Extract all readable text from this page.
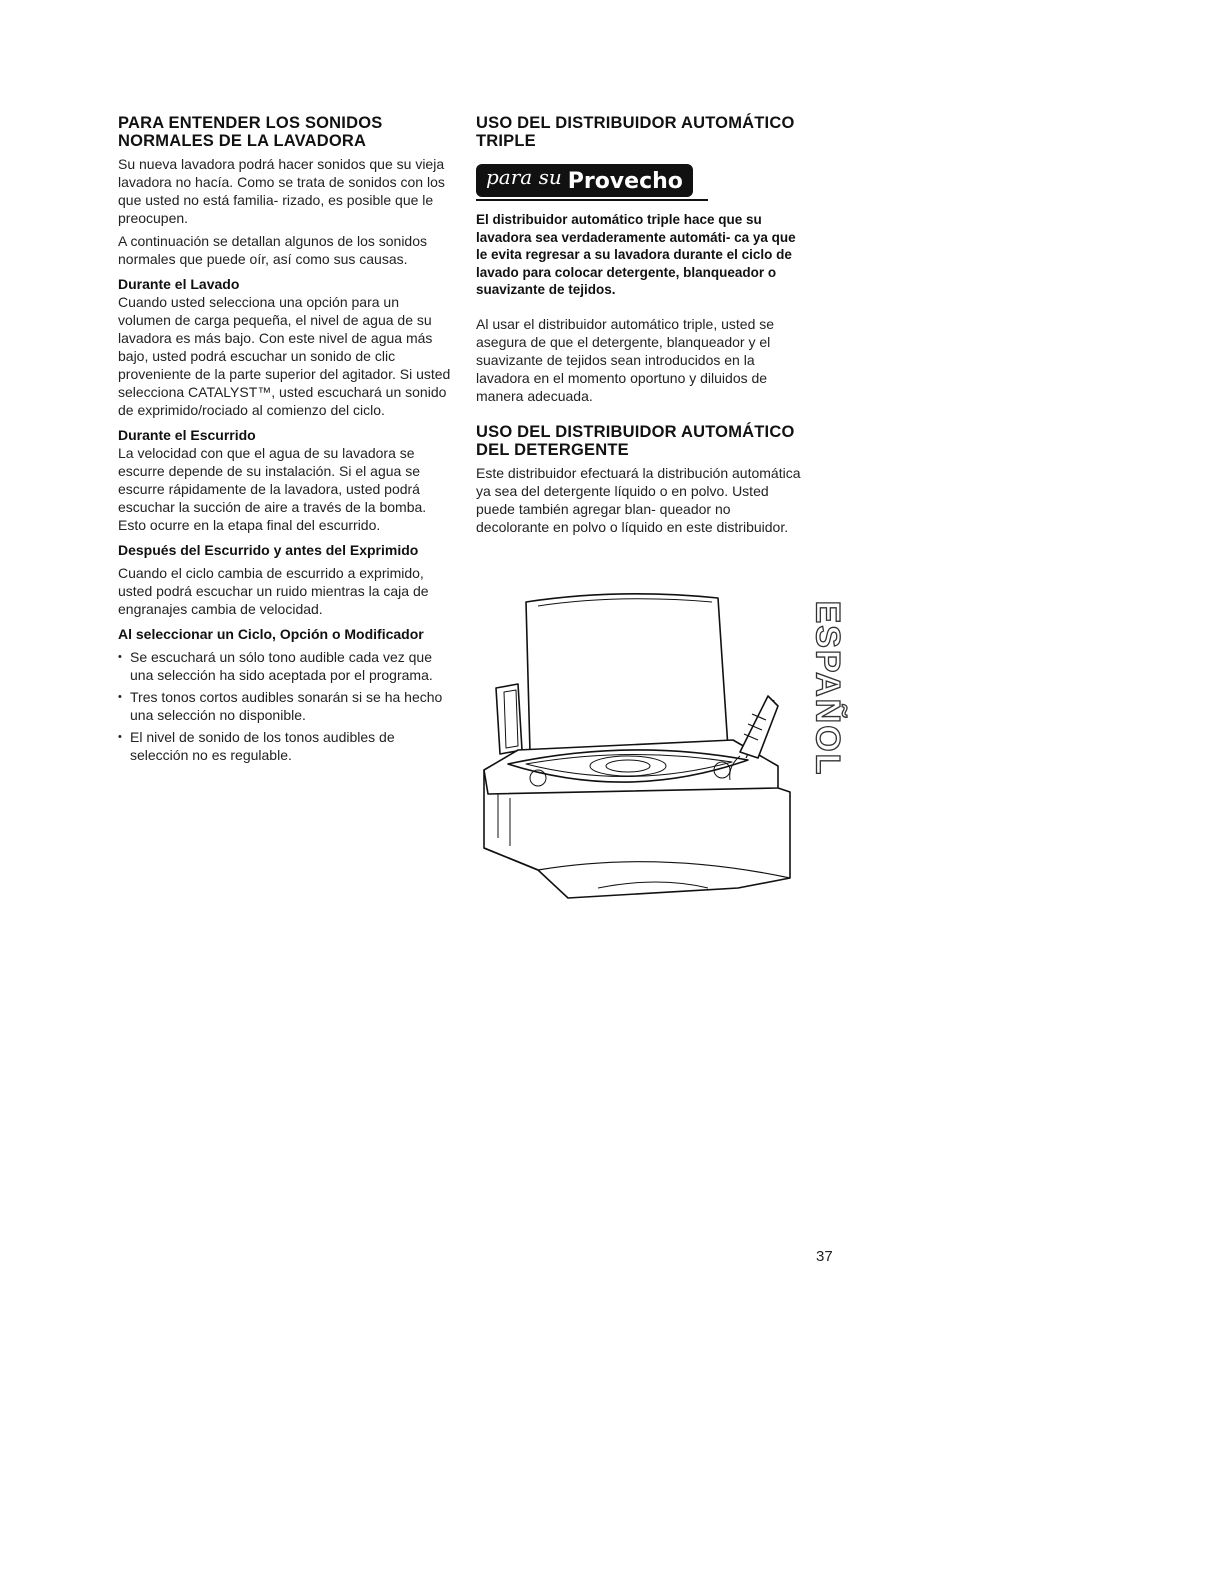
PARA ENTENDER LOS SONIDOS NORMALES DE LA LAVADORA

Su nueva lavadora podrá hacer sonidos que su vieja lavadora no hacía. Como se trata de sonidos con los que usted no está familia- rizado, es posible que le preocupen.

A continuación se detallan algunos de los sonidos normales que puede oír, así como sus causas.

Durante el Lavado

Cuando usted selecciona una opción para un volumen de carga pequeña, el nivel de agua de su lavadora es más bajo. Con este nivel de agua más bajo, usted podrá escuchar un sonido de clic proveniente de la parte superior del agitador. Si usted selecciona CATALYST™, usted escuchará un sonido de exprimido/rociado al comienzo del ciclo.

Durante el Escurrido

La velocidad con que el agua de su lavadora se escurre depende de su instalación. Si el agua se escurre rápidamente de la lavadora, usted podrá escuchar la succión de aire a través de la bomba. Esto ocurre en la etapa final del escurrido.

Después del Escurrido y antes del Exprimido

Cuando el ciclo cambia de escurrido a exprimido, usted podrá escuchar un ruido mientras la caja de engranajes cambia de velocidad.

Al seleccionar un Ciclo, Opción o Modificador
• Se escuchará un sólo tono audible cada vez que una selección ha sido aceptada por el programa.
• Tres tonos cortos audibles sonarán si se ha hecho una selección no disponible.
• El nivel de sonido de los tonos audibles de selección no es regulable.
USO DEL DISTRIBUIDOR AUTOMÁTICO TRIPLE
para su Provecho

El distribuidor automático triple hace que su lavadora sea verdaderamente automáti- ca ya que le evita regresar a su lavadora durante el ciclo de lavado para colocar detergente, blanqueador o suavizante de tejidos.

Al usar el distribuidor automático triple, usted se asegura de que el detergente, blanqueador y el suavizante de tejidos sean introducidos en la lavadora en el momento oportuno y diluidos de manera adecuada.

USO DEL DISTRIBUIDOR AUTOMÁTICO DEL DETERGENTE

Este distribuidor efectuará la distribución automática ya sea del detergente líquido o en polvo. Usted puede también agregar blan- queador no decolorante en polvo o líquido en este distribuidor.

ESPAÑOL
37
